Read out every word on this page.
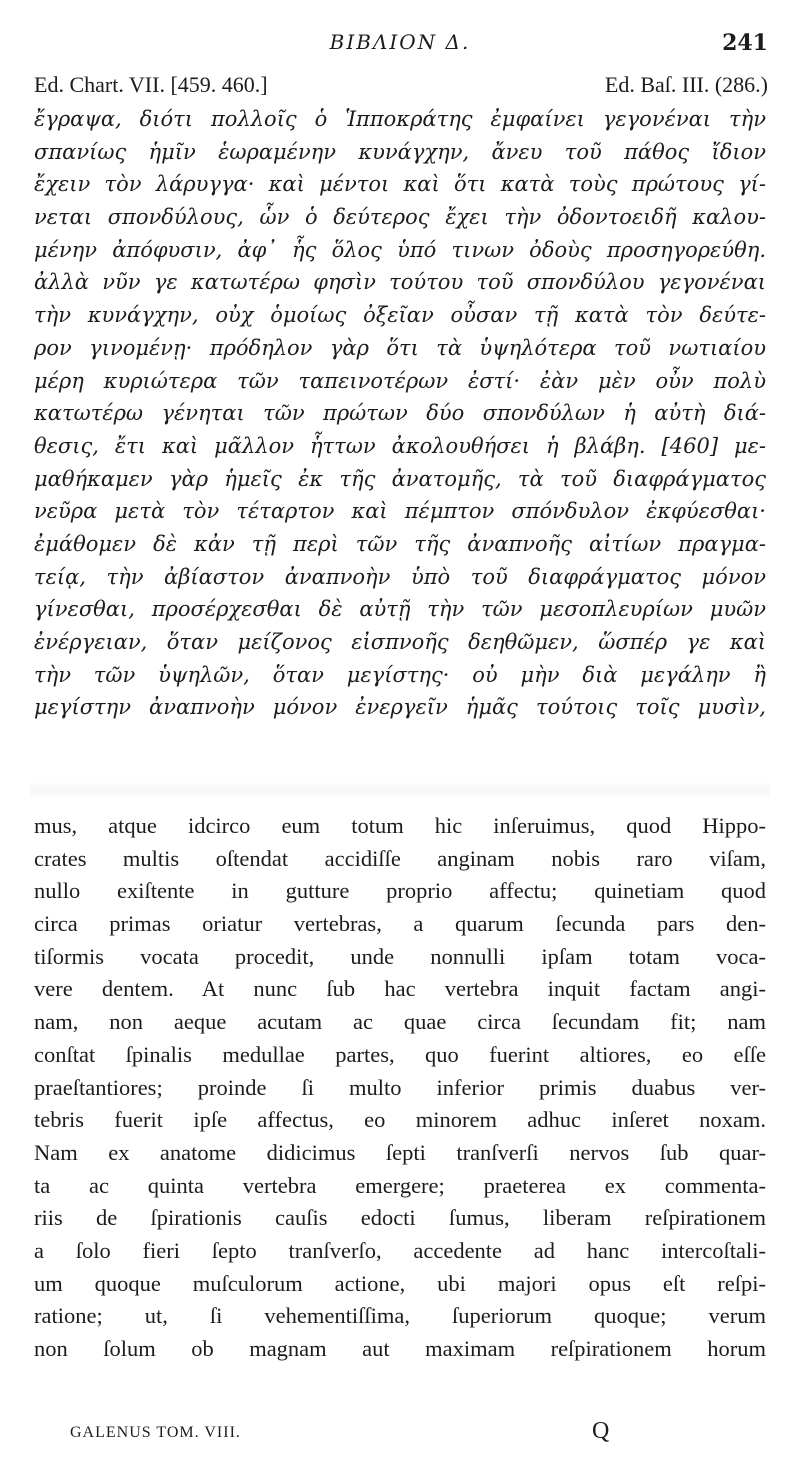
ΒΙΒΛΙΟΝ Δ.	241
Ed. Chart. VII. [459. 460.]	Ed. Baſ. III. (286.)
ἔγραψα, διότι πολλοῖς ὁ Ἱπποκράτης ἐμφαίνει γεγονέναι τὴν
σπανίως ἡμῖν ἑωραμένην κυνάγχην, ἄνευ τοῦ πάθος ἴδιον
ἔχειν τὸν λάρυγγα· καὶ μέντοι καὶ ὅτι κατὰ τοὺς πρώτους γί-
νεται σπονδύλους, ὧν ὁ δεύτερος ἔχει τὴν ὀδοντοειδῆ καλου-
μένην ἀπόφυσιν, ἀφ᾽ ἧς ὅλος ὑπό τινων ὀδοὺς προσηγορεύθη.
ἀλλὰ νῦν γε κατωτέρω φησὶν τούτου τοῦ σπονδύλου γεγονέναι
τὴν κυνάγχην, οὐχ ὁμοίως ὀξεῖαν οὖσαν τῇ κατὰ τὸν δεύτε-
ρον γινομένῃ· πρόδηλον γὰρ ὅτι τὰ ὑψηλότερα τοῦ νωτιαίου
μέρη κυριώτερα τῶν ταπεινοτέρων ἐστί· ἐὰν μὲν οὖν πολὺ
κατωτέρω γένηται τῶν πρώτων δύο σπονδύλων ἡ αὐτὴ διά-
θεσις, ἔτι καὶ μᾶλλον ἧττων ἀκολουθήσει ἡ βλάβη. [460] με-
μαθήκαμεν γὰρ ἡμεῖς ἐκ τῆς ἀνατομῆς, τὰ τοῦ διαφράγματος
νεῦρα μετὰ τὸν τέταρτον καὶ πέμπτον σπόνδυλον ἐκφύεσθαι·
ἐμάθομεν δὲ κἀν τῇ περὶ τῶν τῆς ἀναπνοῆς αἰτίων πραγμα-
τείᾳ, τὴν ἀβίαστον ἀναπνοὴν ὑπὸ τοῦ διαφράγματος μόνον
γίνεσθαι, προσέρχεσθαι δὲ αὐτῇ τὴν τῶν μεσοπλευρίων μυῶν
ἐνέργειαν, ὅταν μείζονος εἰσπνοῆς δεηθῶμεν, ὥσπέρ γε καὶ
τὴν τῶν ὑψηλῶν, ὅταν μεγίστης· οὐ μὴν διὰ μεγάλην ἢ
μεγίστην ἀναπνοὴν μόνον ἐνεργεῖν ἡμᾶς τούτοις τοῖς μυσὶν,
mus, atque idcirco eum totum hic inſeruimus, quod Hippo-
crates multis oſtendat accidiſſe anginam nobis raro viſam,
nullo exiſtente in gutture proprio affectu; quinetiam quod
circa primas oriatur vertebras, a quarum ſecunda pars den-
tiſormis vocata procedit, unde nonnulli ipſam totam voca-
vere dentem. At nunc ſub hac vertebra inquit factam angi-
nam, non aeque acutam ac quae circa ſecundam fit; nam
conſtat ſpinalis medullae partes, quo fuerint altiores, eo eſſe
praeſtantiores; proinde ſi multo inferior primis duabus ver-
tebris fuerit ipſe affectus, eo minorem adhuc inſeret noxam.
Nam ex anatome didicimus ſepti tranſverſi nervos ſub quar-
ta ac quinta vertebra emergere; praeterea ex commenta-
riis de ſpirationis cauſis edocti ſumus, liberam reſpirationem
a ſolo fieri ſepto tranſverſo, accedente ad hanc intercoſtali-
um quoque muſculorum actione, ubi majori opus eſt reſpi-
ratione; ut, ſi vehementiſſima, ſuperiorum quoque; verum
non ſolum ob magnam aut maximam reſpirationem horum
GALENUS TOM. VIII.	Q
